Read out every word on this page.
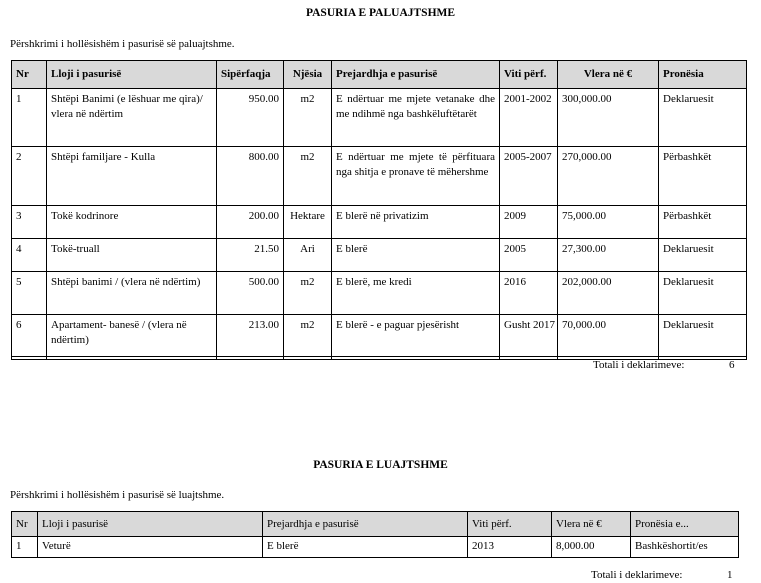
PASURIA E PALUAJTSHME
Përshkrimi i hollësishëm i pasurisë së paluajtshme.
Nr	Lloji i pasurisë	Sipërfaqja	Njësia	Prejardhja e pasurisë	Viti përf.	Vlera në €	Pronësia
1	Shtëpi Banimi (e lëshuar me qira)/ vlera në ndërtim	950.00	m2	E ndërtuar me mjete vetanake dhe me ndihmë nga bashkëluftëtarët	2001-2002	300,000.00	Deklaruesit
2	Shtëpi familjare - Kulla	800.00	m2	E ndërtuar me mjete të përfituara nga shitja e pronave të mëhershme	2005-2007	270,000.00	Përbashkët
3	Tokë kodrinore	200.00	Hektare	E blerë në privatizim	2009	75,000.00	Përbashkët
4	Tokë-truall	21.50	Ari	E blerë	2005	27,300.00	Deklaruesit
5	Shtëpi banimi / (vlera në ndërtim)	500.00	m2	E blerë, me kredi	2016	202,000.00	Deklaruesit
6	Apartament- banesë / (vlera në ndërtim)	213.00	m2	E blerë - e paguar pjesërisht	Gusht 2017	70,000.00	Deklaruesit

Totali i deklarimeve:	6
PASURIA E LUAJTSHME
Përshkrimi i hollësishëm i pasurisë së luajtshme.
Nr	Lloji i pasurisë	Prejardhja e pasurisë	Viti përf.	Vlera në €	Pronësia e...
1	Veturë	E blerë	2013	8,000.00	Bashkëshortit/es
Totali i deklarimeve:	1
